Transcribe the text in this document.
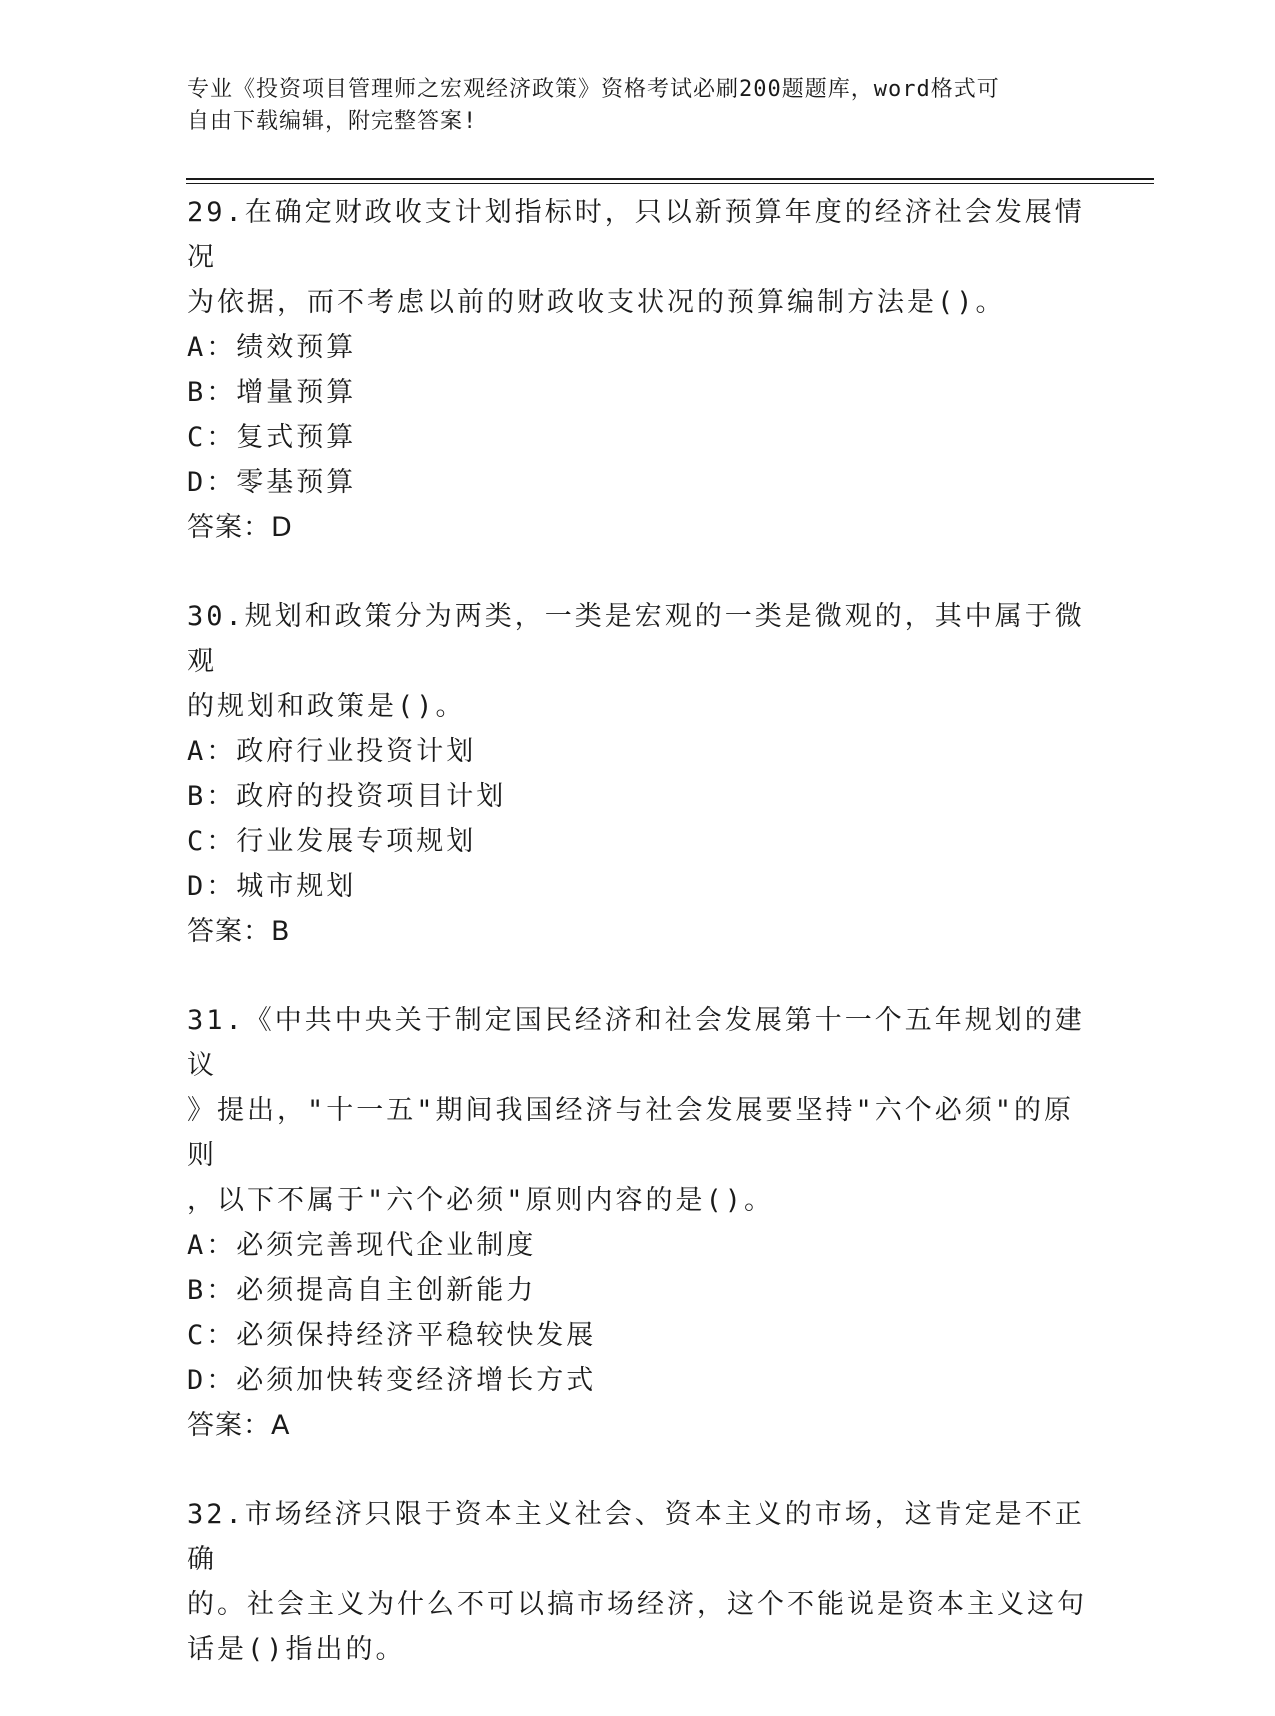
专业《投资项目管理师之宏观经济政策》资格考试必刷200题题库，word格式可
自由下载编辑，附完整答案!
29.在确定财政收支计划指标时，只以新预算年度的经济社会发展情况
为依据，而不考虑以前的财政收支状况的预算编制方法是()。
A：绩效预算
B：增量预算
C：复式预算
D：零基预算
答案：D
30.规划和政策分为两类，一类是宏观的一类是微观的，其中属于微观
的规划和政策是()。
A：政府行业投资计划
B：政府的投资项目计划
C：行业发展专项规划
D：城市规划
答案：B
31.《中共中央关于制定国民经济和社会发展第十一个五年规划的建议
》提出，"十一五"期间我国经济与社会发展要坚持"六个必须"的原则
，以下不属于"六个必须"原则内容的是()。
A：必须完善现代企业制度
B：必须提高自主创新能力
C：必须保持经济平稳较快发展
D：必须加快转变经济增长方式
答案：A
32.市场经济只限于资本主义社会、资本主义的市场，这肯定是不正确
的。社会主义为什么不可以搞市场经济，这个不能说是资本主义这句
话是()指出的。
